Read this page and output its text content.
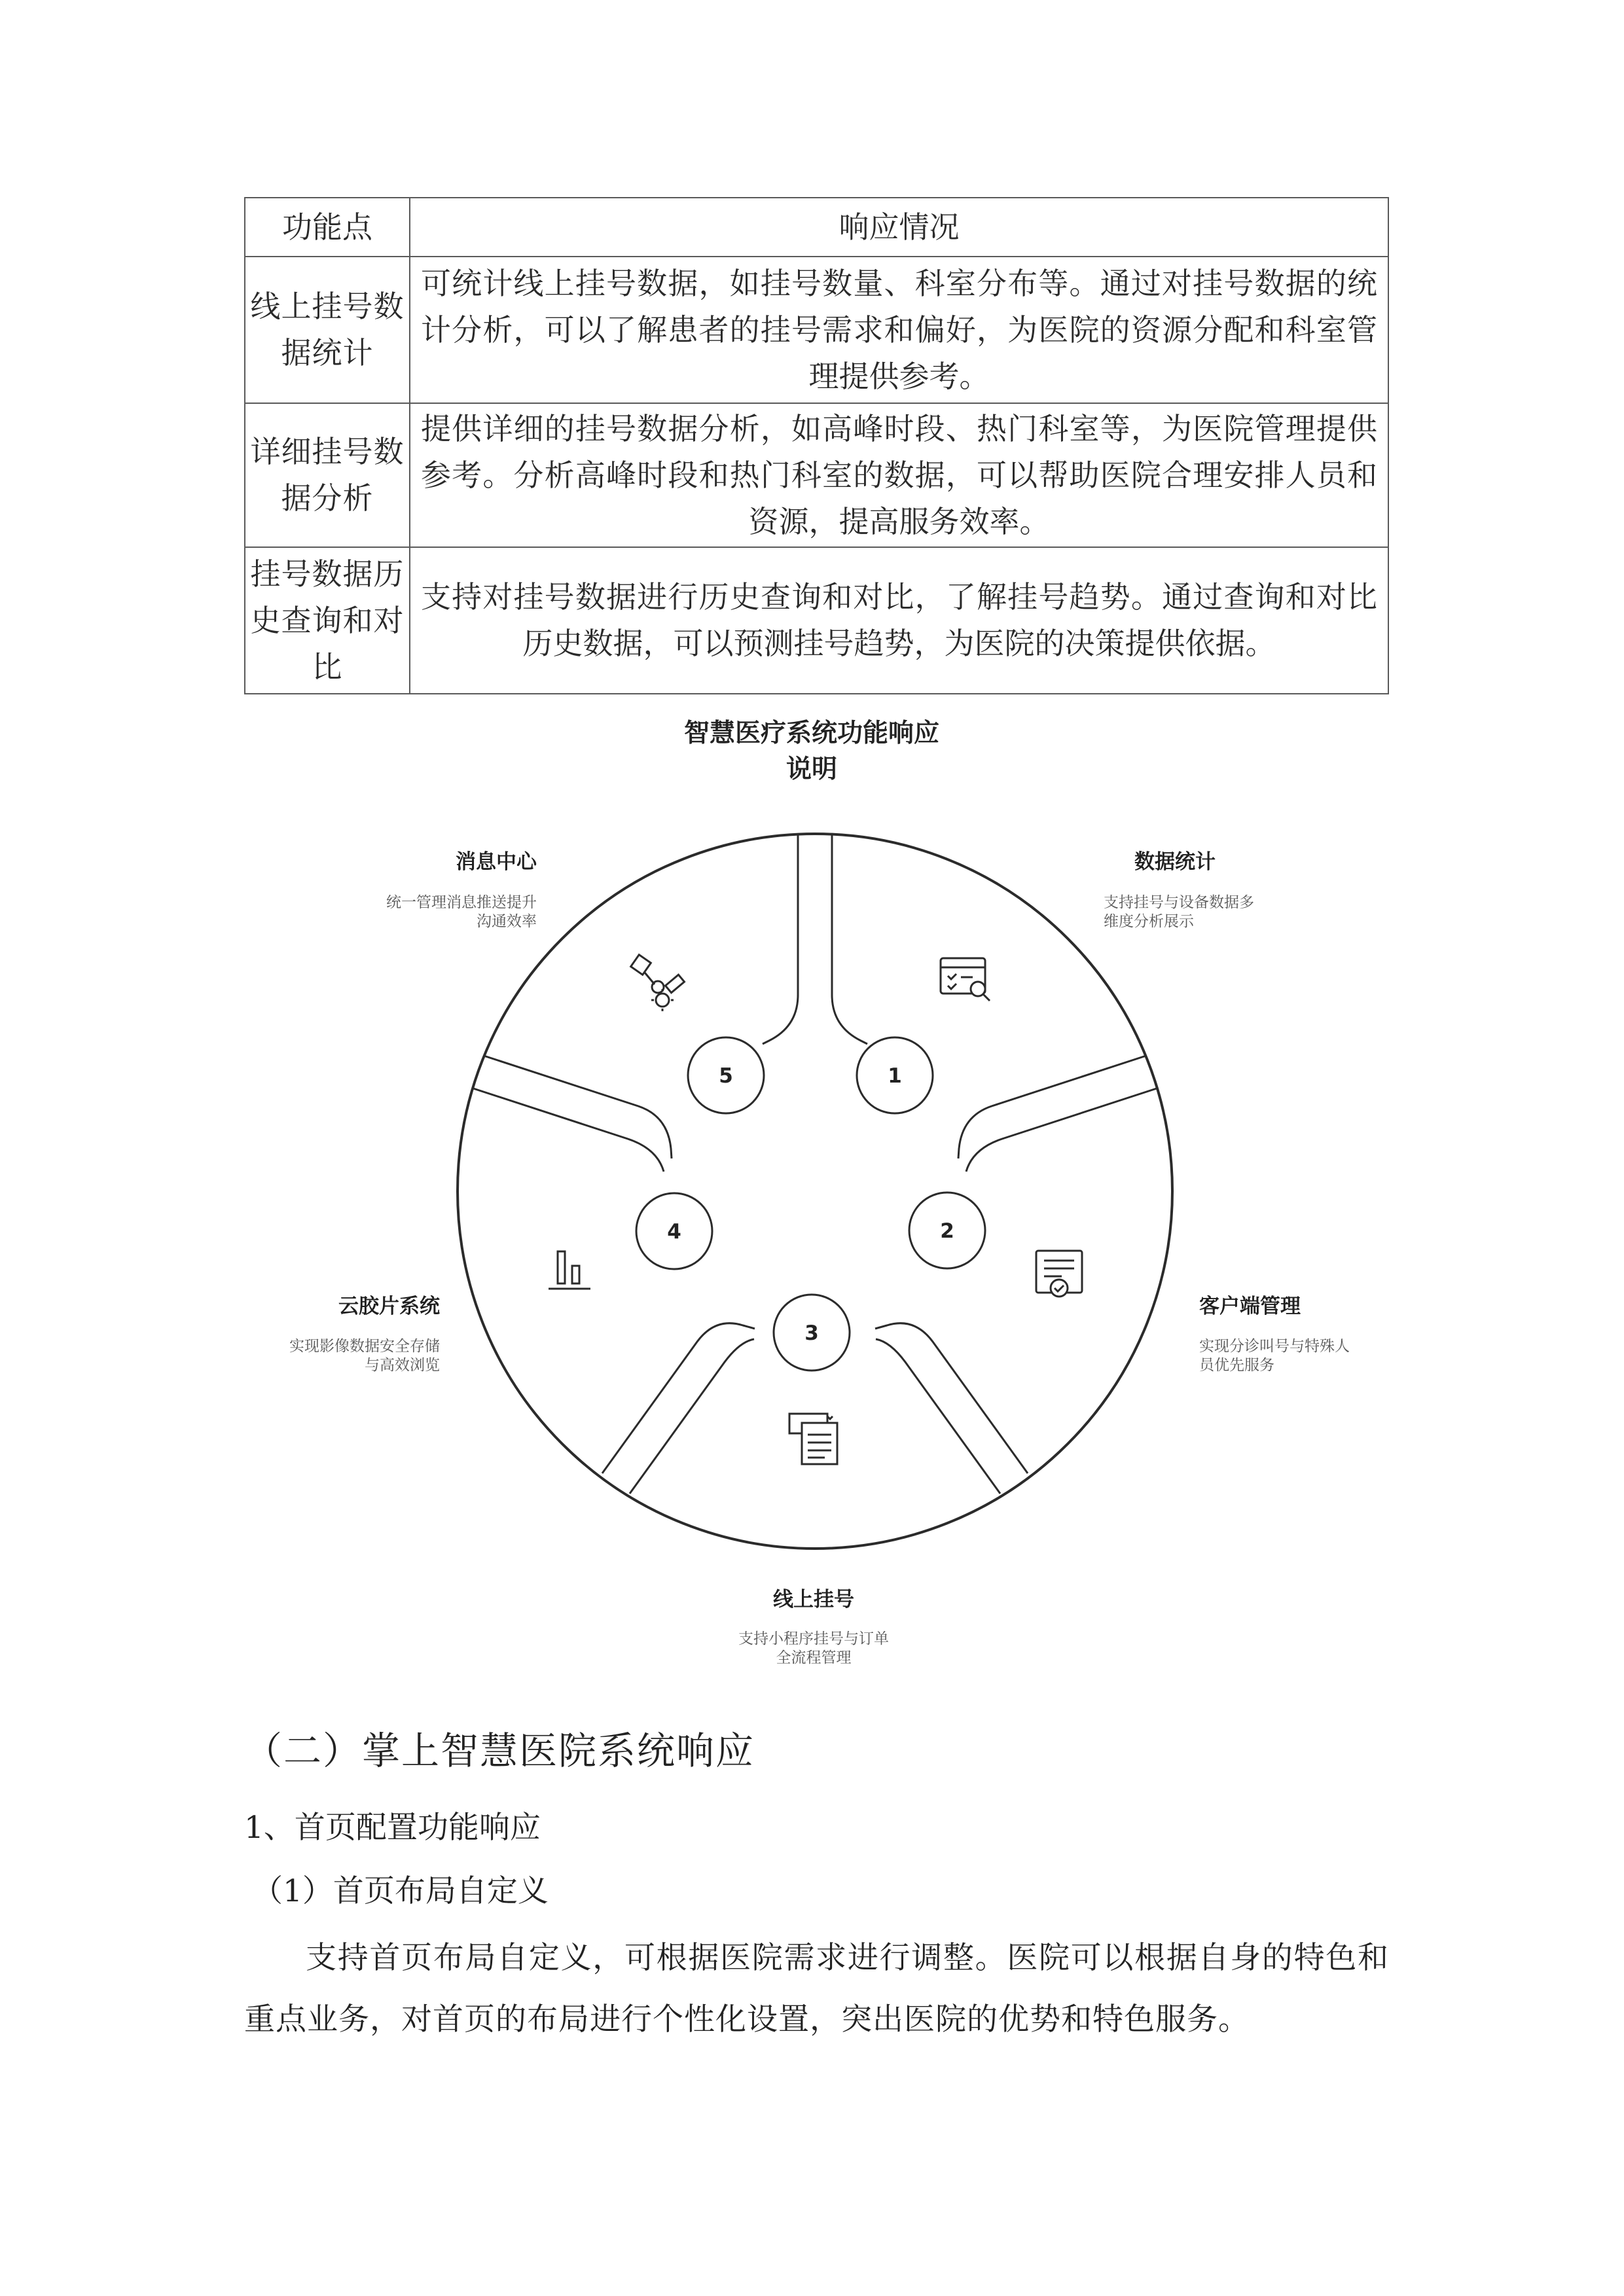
功能点	响应情况
线上挂号数据统计	可统计线上挂号数据，如挂号数量、科室分布等。通过对挂号数据的统计分析，可以了解患者的挂号需求和偏好，为医院的资源分配和科室管理提供参考。
详细挂号数据分析	提供详细的挂号数据分析，如高峰时段、热门科室等，为医院管理提供参考。分析高峰时段和热门科室的数据，可以帮助医院合理安排人员和资源，提高服务效率。
挂号数据历史查询和对比	支持对挂号数据进行历史查询和对比，了解挂号趋势。通过查询和对比历史数据，可以预测挂号趋势，为医院的决策提供依据。
智慧医疗系统功能响应
说明
1
2
3
4
5
数据统计
支持挂号与设备数据多
维度分析展示
客户端管理
实现分诊叫号与特殊人
员优先服务
线上挂号
支持小程序挂号与订单
全流程管理
云胶片系统
实现影像数据安全存储
与高效浏览
消息中心
统一管理消息推送提升
沟通效率
（二）掌上智慧医院系统响应

1、首页配置功能响应

（1）首页布局自定义

支持首页布局自定义，可根据医院需求进行调整。医院可以根据自身的特色和重点业务，对首页的布局进行个性化设置，突出医院的优势和特色服务。
